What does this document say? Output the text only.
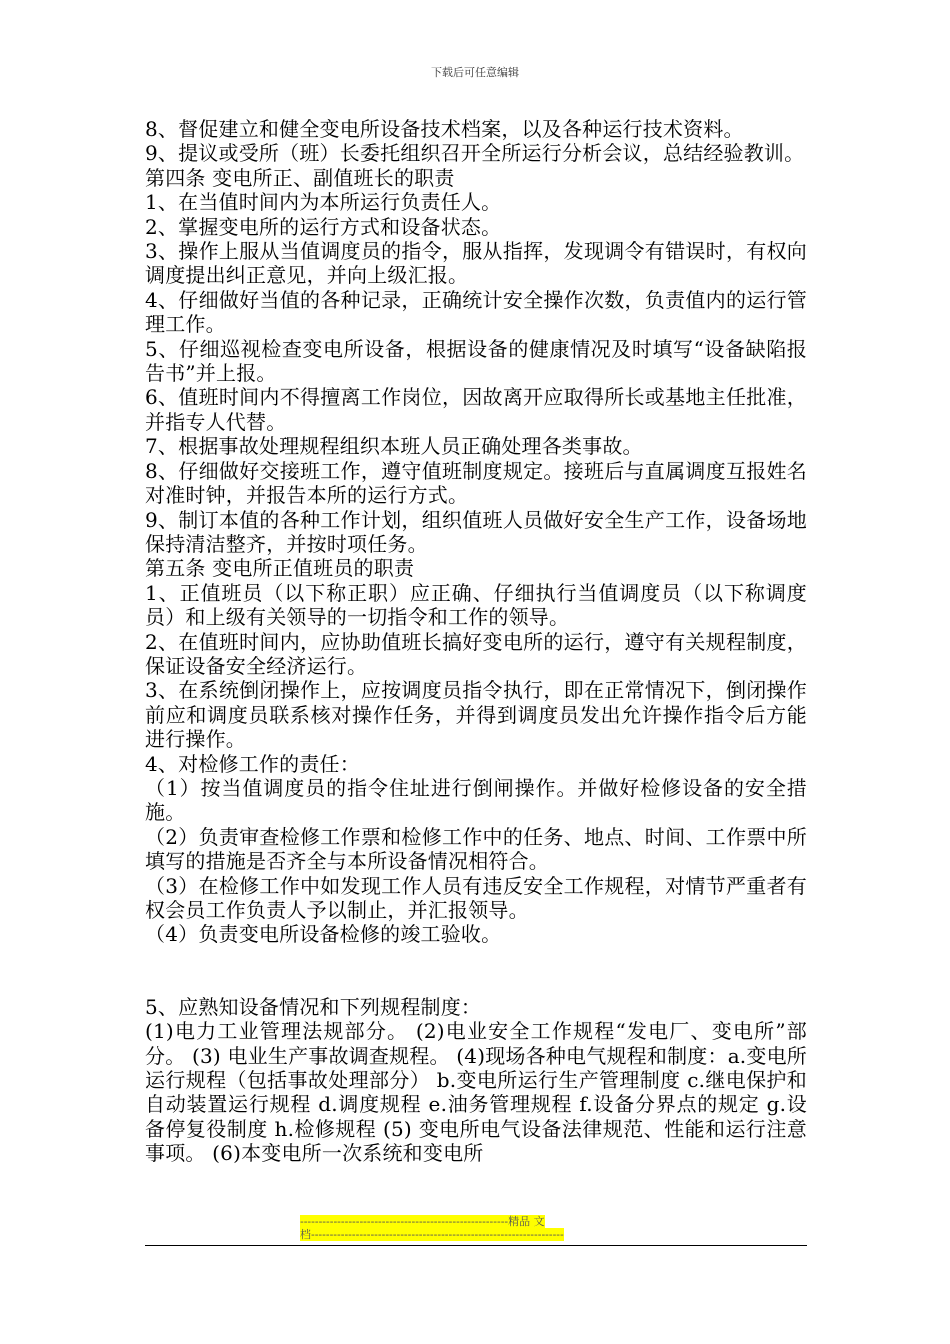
下载后可任意编辑

8、督促建立和健全变电所设备技术档案，以及各种运行技术资料。

9、提议或受所（班）长委托组织召开全所运行分析会议，总结经验教训。

第四条 变电所正、副值班长的职责

1、在当值时间内为本所运行负责任人。

2、掌握变电所的运行方式和设备状态。

3、操作上服从当值调度员的指令，服从指挥，发现调令有错误时，有权向调度提出纠正意见，并向上级汇报。

4、仔细做好当值的各种记录，正确统计安全操作次数，负责值内的运行管理工作。

5、仔细巡视检查变电所设备，根据设备的健康情况及时填写“设备缺陷报告书”并上报。

6、值班时间内不得擅离工作岗位，因故离开应取得所长或基地主任批准，并指专人代替。

7、根据事故处理规程组织本班人员正确处理各类事故。

8、仔细做好交接班工作，遵守值班制度规定。接班后与直属调度互报姓名对准时钟，并报告本所的运行方式。

9、制订本值的各种工作计划，组织值班人员做好安全生产工作，设备场地保持清洁整齐，并按时项任务。

第五条 变电所正值班员的职责

1、正值班员（以下称正职）应正确、仔细执行当值调度员（以下称调度员）和上级有关领导的一切指令和工作的领导。

2、在值班时间内，应协助值班长搞好变电所的运行，遵守有关规程制度，保证设备安全经济运行。

3、在系统倒闭操作上，应按调度员指令执行，即在正常情况下，倒闭操作前应和调度员联系核对操作任务，并得到调度员发出允许操作指令后方能进行操作。

4、对检修工作的责任：

（1）按当值调度员的指令住址进行倒闸操作。并做好检修设备的安全措施。

（2）负责审查检修工作票和检修工作中的任务、地点、时间、工作票中所填写的措施是否齐全与本所设备情况相符合。

（3）在检修工作中如发现工作人员有违反安全工作规程，对情节严重者有权会员工作负责人予以制止，并汇报领导。

（4）负责变电所设备检修的竣工验收。

5、应熟知设备情况和下列规程制度：

(1)电力工业管理法规部分。 (2)电业安全工作规程“发电厂、变电所”部分。 (3) 电业生产事故调查规程。 (4)现场各种电气规程和制度：a.变电所运行规程（包括事故处理部分） b.变电所运行生产管理制度 c.继电保护和自动装置运行规程 d.调度规程 e.油务管理规程 f.设备分界点的规定 g.设备停复役制度 h.检修规程 (5) 变电所电气设备法律规范、性能和运行注意事项。 (6)本变电所一次系统和变电所

--------------------------------------------------------精品 文
档--------------------------------------------------------------------
